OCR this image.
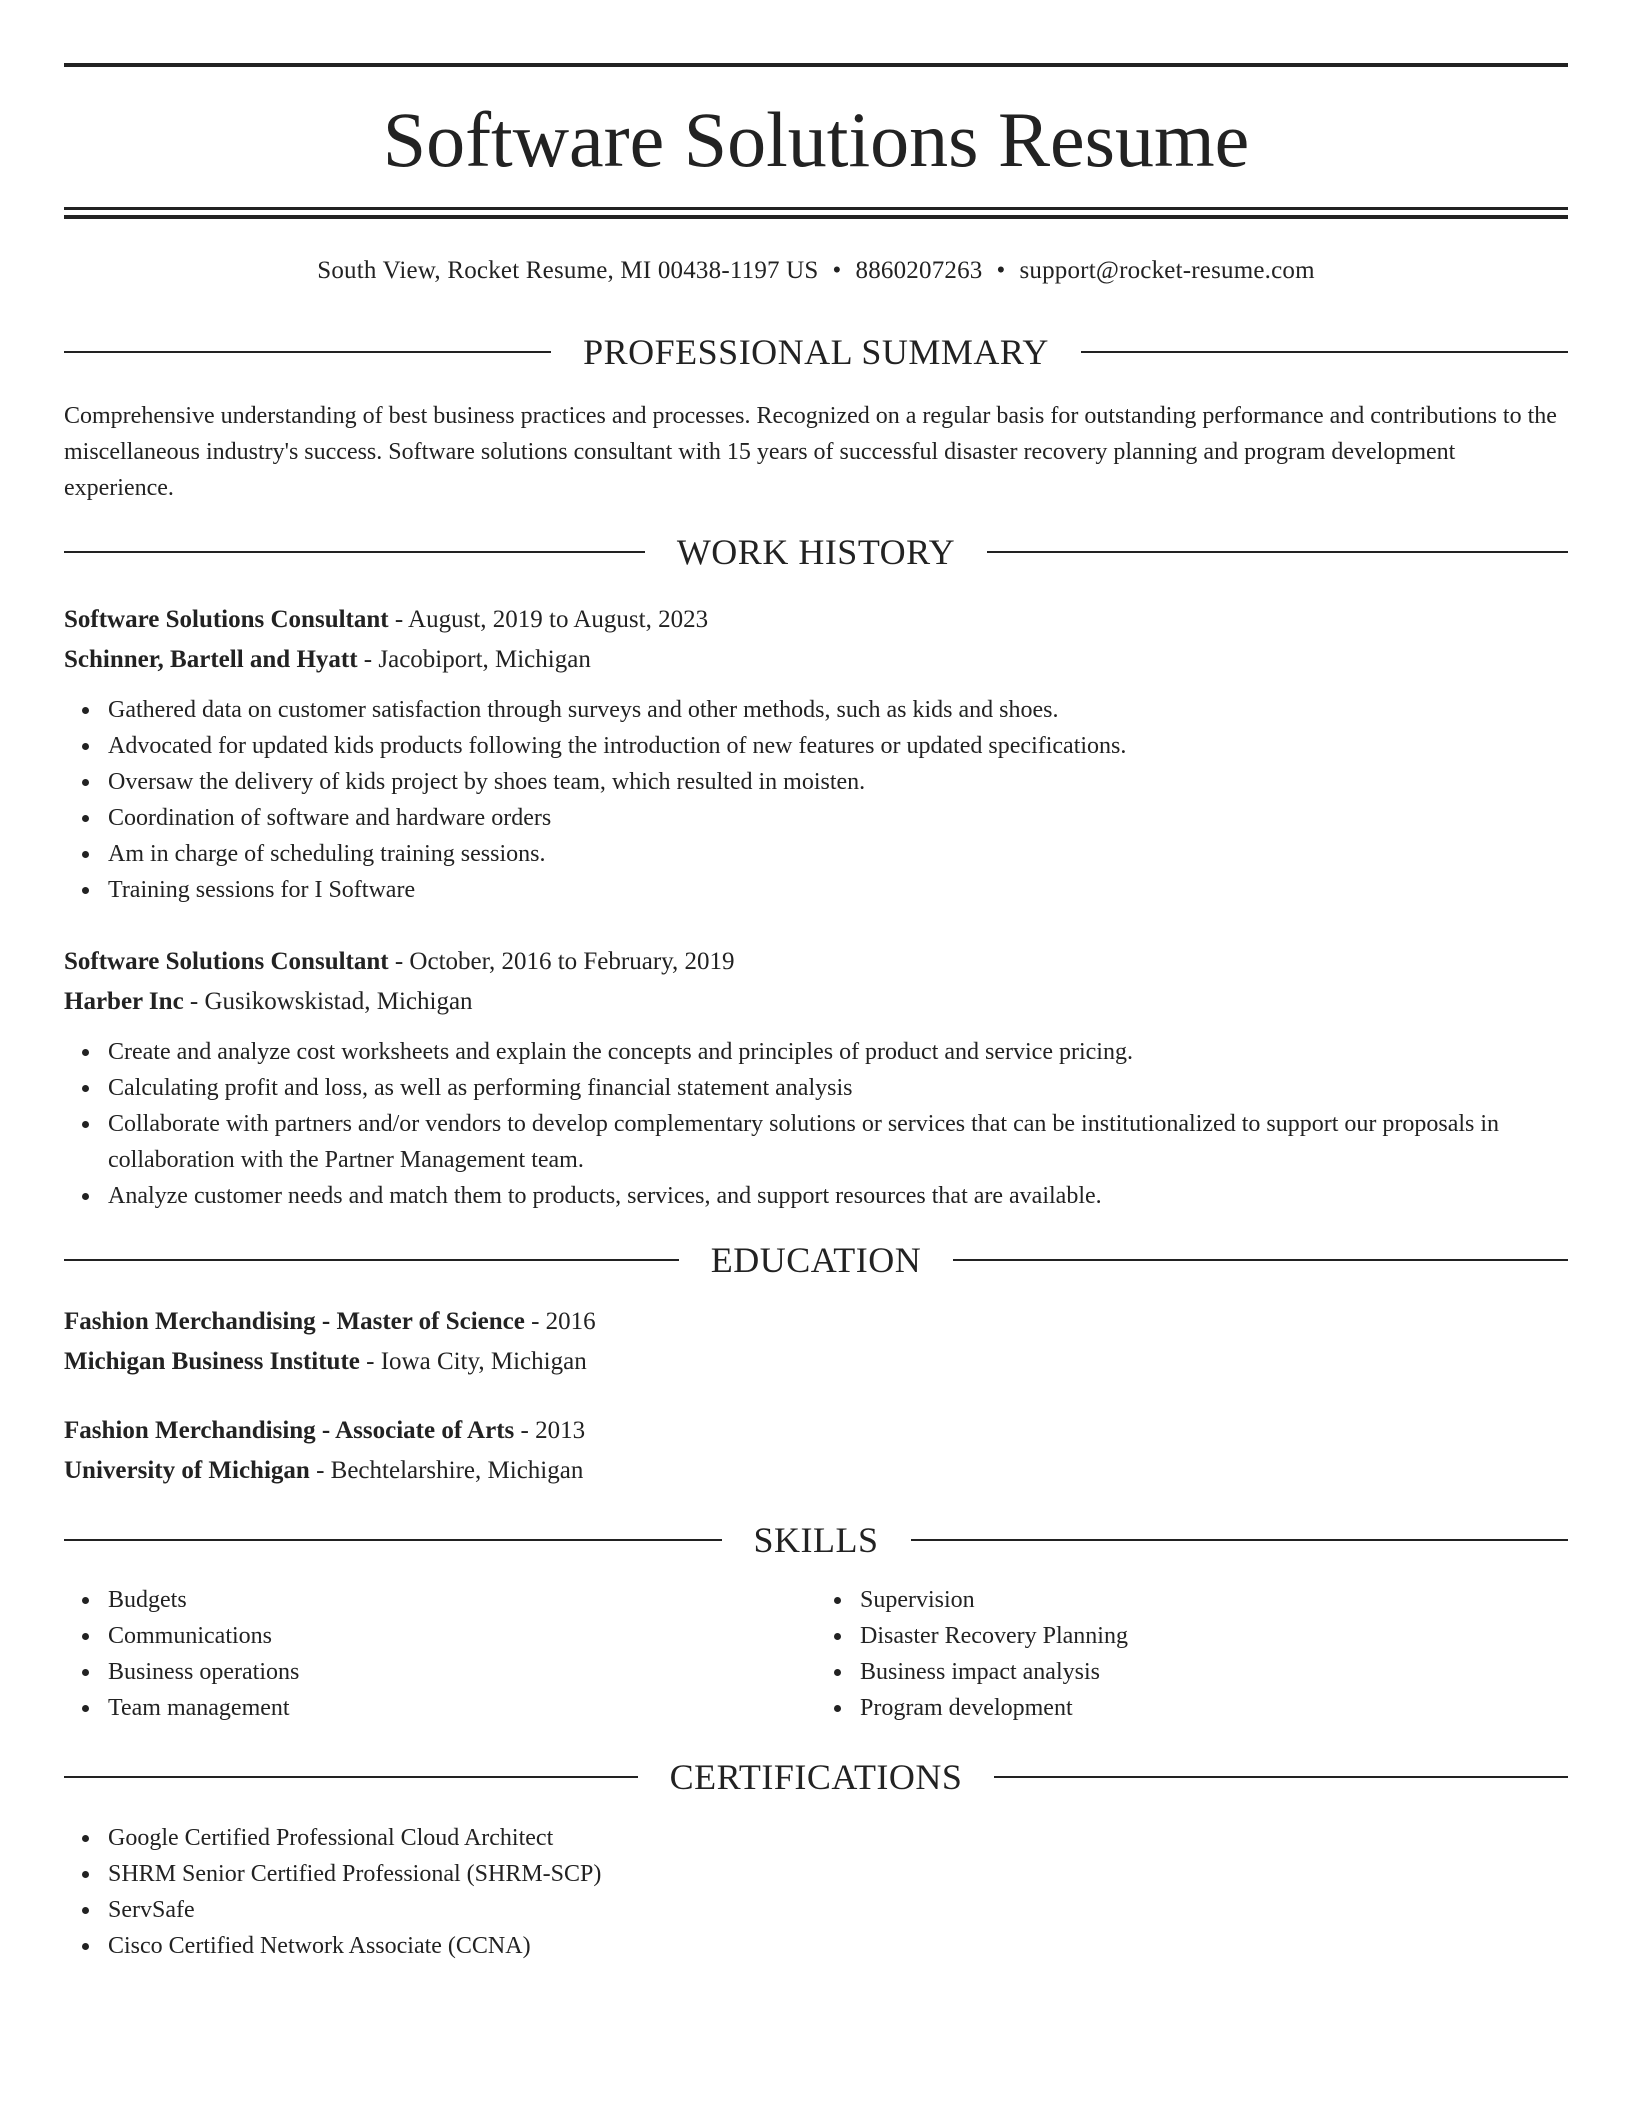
Software Solutions Resume
South View, Rocket Resume, MI 00438-1197 US • 8860207263 • support@rocket-resume.com
PROFESSIONAL SUMMARY
Comprehensive understanding of best business practices and processes. Recognized on a regular basis for outstanding performance and contributions to the miscellaneous industry's success. Software solutions consultant with 15 years of successful disaster recovery planning and program development experience.
WORK HISTORY
Software Solutions Consultant - August, 2019 to August, 2023
Schinner, Bartell and Hyatt - Jacobiport, Michigan
Gathered data on customer satisfaction through surveys and other methods, such as kids and shoes.
Advocated for updated kids products following the introduction of new features or updated specifications.
Oversaw the delivery of kids project by shoes team, which resulted in moisten.
Coordination of software and hardware orders
Am in charge of scheduling training sessions.
Training sessions for I Software
Software Solutions Consultant - October, 2016 to February, 2019
Harber Inc - Gusikowskistad, Michigan
Create and analyze cost worksheets and explain the concepts and principles of product and service pricing.
Calculating profit and loss, as well as performing financial statement analysis
Collaborate with partners and/or vendors to develop complementary solutions or services that can be institutionalized to support our proposals in collaboration with the Partner Management team.
Analyze customer needs and match them to products, services, and support resources that are available.
EDUCATION
Fashion Merchandising - Master of Science - 2016
Michigan Business Institute - Iowa City, Michigan
Fashion Merchandising - Associate of Arts - 2013
University of Michigan - Bechtelarshire, Michigan
SKILLS
Budgets
Communications
Business operations
Team management
Supervision
Disaster Recovery Planning
Business impact analysis
Program development
CERTIFICATIONS
Google Certified Professional Cloud Architect
SHRM Senior Certified Professional (SHRM-SCP)
ServSafe
Cisco Certified Network Associate (CCNA)
